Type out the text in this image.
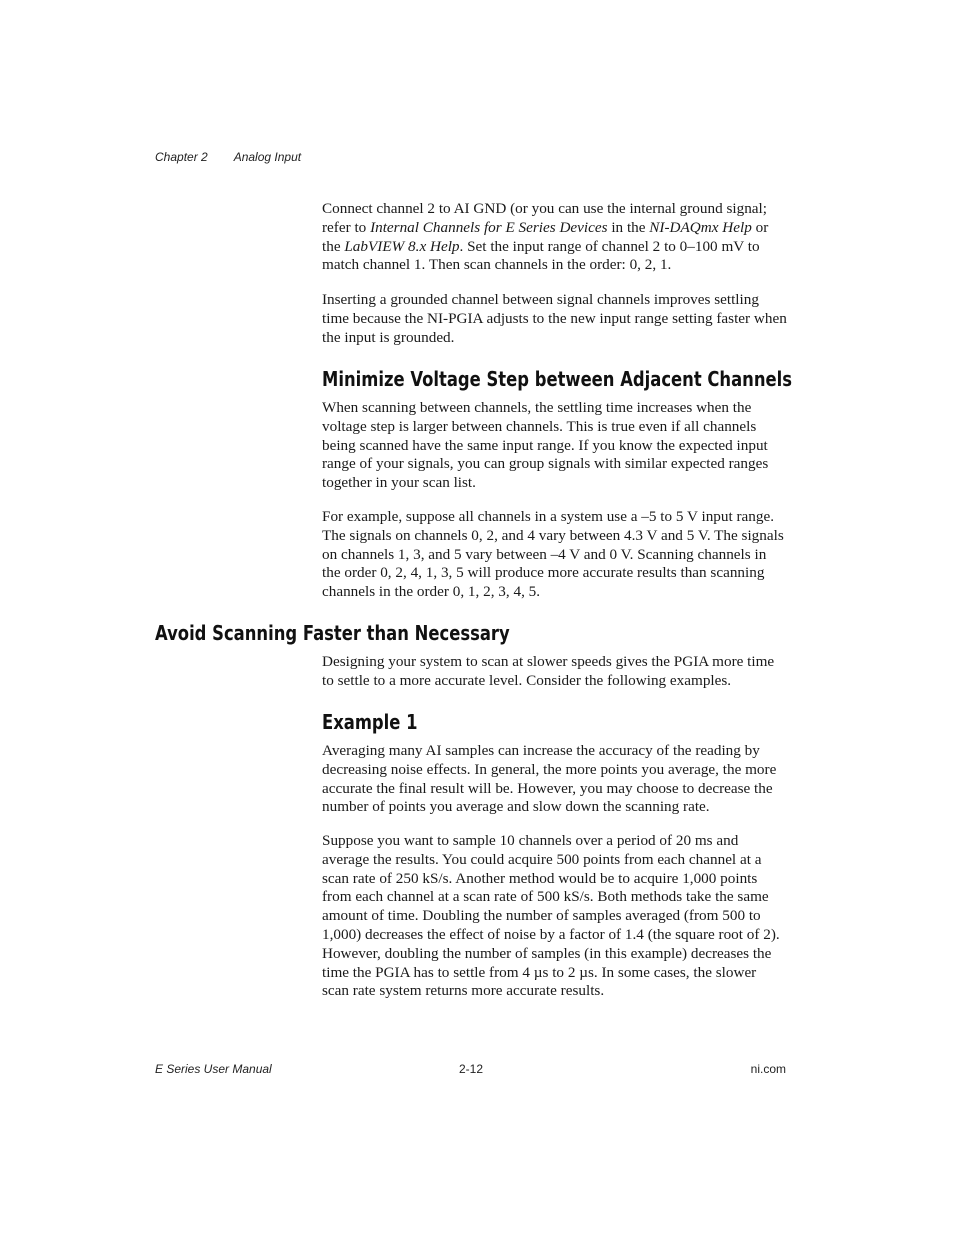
Chapter 2 Analog Input

Connect channel 2 to AI GND (or you can use the internal ground signal; refer to Internal Channels for E Series Devices in the NI-DAQmx Help or the LabVIEW 8.x Help. Set the input range of channel 2 to 0–100 mV to match channel 1. Then scan channels in the order: 0, 2, 1.

Inserting a grounded channel between signal channels improves settling time because the NI-PGIA adjusts to the new input range setting faster when the input is grounded.

Minimize Voltage Step between Adjacent Channels

When scanning between channels, the settling time increases when the voltage step is larger between channels. This is true even if all channels being scanned have the same input range. If you know the expected input range of your signals, you can group signals with similar expected ranges together in your scan list.

For example, suppose all channels in a system use a –5 to 5 V input range. The signals on channels 0, 2, and 4 vary between 4.3 V and 5 V. The signals on channels 1, 3, and 5 vary between –4 V and 0 V. Scanning channels in the order 0, 2, 4, 1, 3, 5 will produce more accurate results than scanning channels in the order 0, 1, 2, 3, 4, 5.

Avoid Scanning Faster than Necessary

Designing your system to scan at slower speeds gives the PGIA more time to settle to a more accurate level. Consider the following examples.

Example 1

Averaging many AI samples can increase the accuracy of the reading by decreasing noise effects. In general, the more points you average, the more accurate the final result will be. However, you may choose to decrease the number of points you average and slow down the scanning rate.

Suppose you want to sample 10 channels over a period of 20 ms and average the results. You could acquire 500 points from each channel at a scan rate of 250 kS/s. Another method would be to acquire 1,000 points from each channel at a scan rate of 500 kS/s. Both methods take the same amount of time. Doubling the number of samples averaged (from 500 to 1,000) decreases the effect of noise by a factor of 1.4 (the square root of 2). However, doubling the number of samples (in this example) decreases the time the PGIA has to settle from 4 µs to 2 µs. In some cases, the slower scan rate system returns more accurate results.

E Series User Manual	2-12	ni.com
